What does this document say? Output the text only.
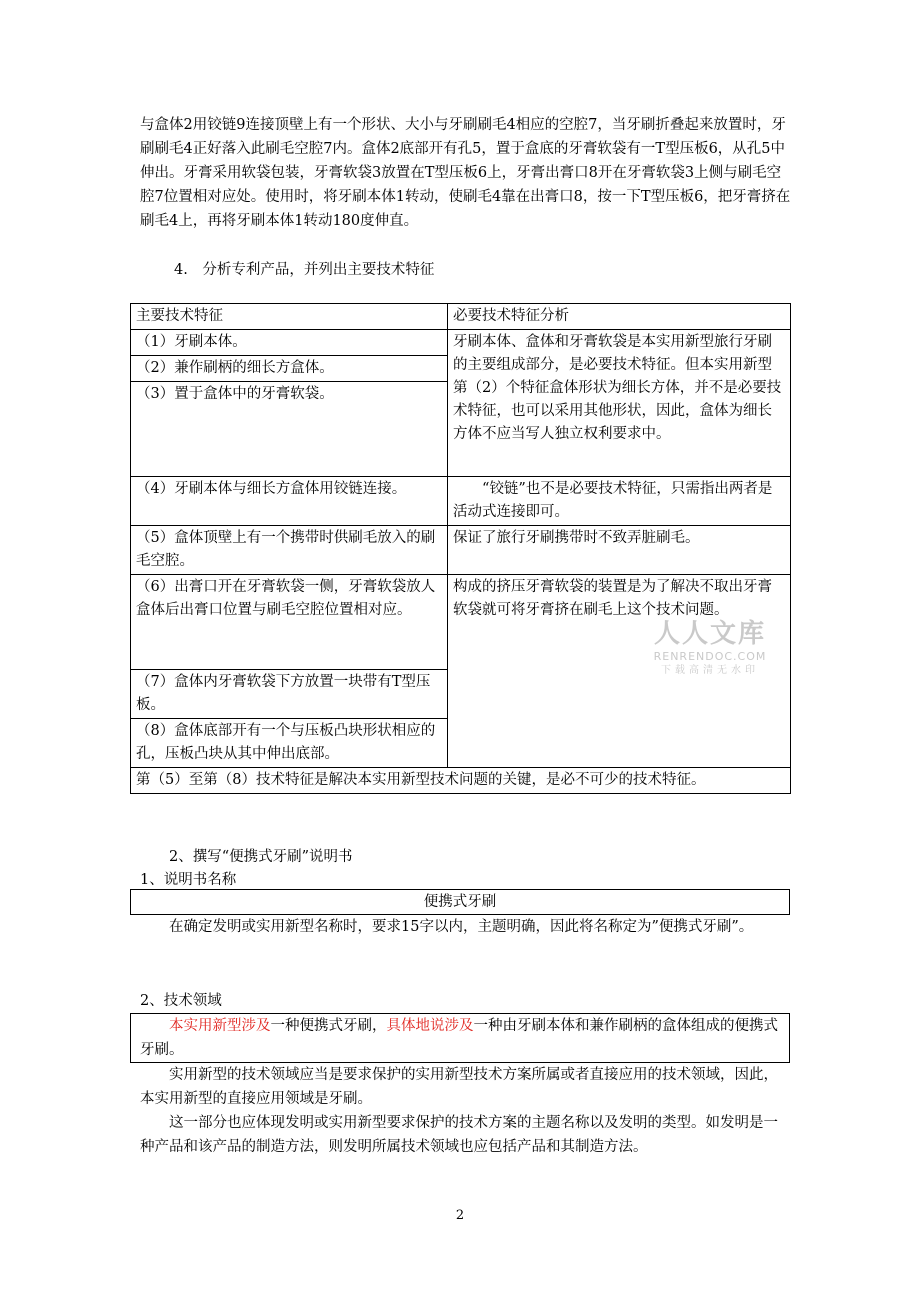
与盒体2用铰链9连接顶壁上有一个形状、大小与牙刷刷毛4相应的空腔7，当牙刷折叠起来放置时，牙刷刷毛4正好落入此刷毛空腔7内。盒体2底部开有孔5，置于盒底的牙膏软袋有一T型压板6，从孔5中伸出。牙膏采用软袋包装，牙膏软袋3放置在T型压板6上，牙膏出膏口8开在牙膏软袋3上侧与刷毛空腔7位置相对应处。使用时，将牙刷本体1转动，使刷毛4靠在出膏口8，按一下T型压板6，把牙膏挤在刷毛4上，再将牙刷本体1转动180度伸直。

4.　分析专利产品，并列出主要技术特征

主要技术特征	必要技术特征分析
（1）牙刷本体。	牙刷本体、盒体和牙膏软袋是本实用新型旅行牙刷的主要组成部分，是必要技术特征。但本实用新型第（2）个特征盒体形状为细长方体，并不是必要技术特征，也可以采用其他形状，因此，盒体为细长方体不应当写人独立权利要求中。
（2）兼作刷柄的细长方盒体。	
（3）置于盒体中的牙膏软袋。	
（4）牙刷本体与细长方盒体用铰链连接。	“铰链”也不是必要技术特征，只需指出两者是活动式连接即可。
（5）盒体顶壁上有一个携带时供刷毛放入的刷毛空腔。	保证了旅行牙刷携带时不致弄脏刷毛。
（6）出膏口开在牙膏软袋一侧，牙膏软袋放人盒体后出膏口位置与刷毛空腔位置相对应。	构成的挤压牙膏软袋的装置是为了解决不取出牙膏软袋就可将牙膏挤在刷毛上这个技术问题。
（7）盒体内牙膏软袋下方放置一块带有T型压板。	
（8）盒体底部开有一个与压板凸块形状相应的孔，压板凸块从其中伸出底部。	
第（5）至第（8）技术特征是解决本实用新型技术问题的关键，是必不可少的技术特征。	
人人文库
RENRENDOC.COM
下载高清无水印

2、撰写“便携式牙刷”说明书

1、说明书名称

便携式牙刷

在确定发明或实用新型名称时，要求15字以内，主题明确，因此将名称定为”便携式牙刷”。

2、技术领域

本实用新型涉及一种便携式牙刷，具体地说涉及一种由牙刷本体和兼作刷柄的盒体组成的便携式牙刷。

实用新型的技术领域应当是要求保护的实用新型技术方案所属或者直接应用的技术领域，因此，本实用新型的直接应用领域是牙刷。

这一部分也应体现发明或实用新型要求保护的技术方案的主题名称以及发明的类型。如发明是一种产品和该产品的制造方法，则发明所属技术领域也应包括产品和其制造方法。

2
